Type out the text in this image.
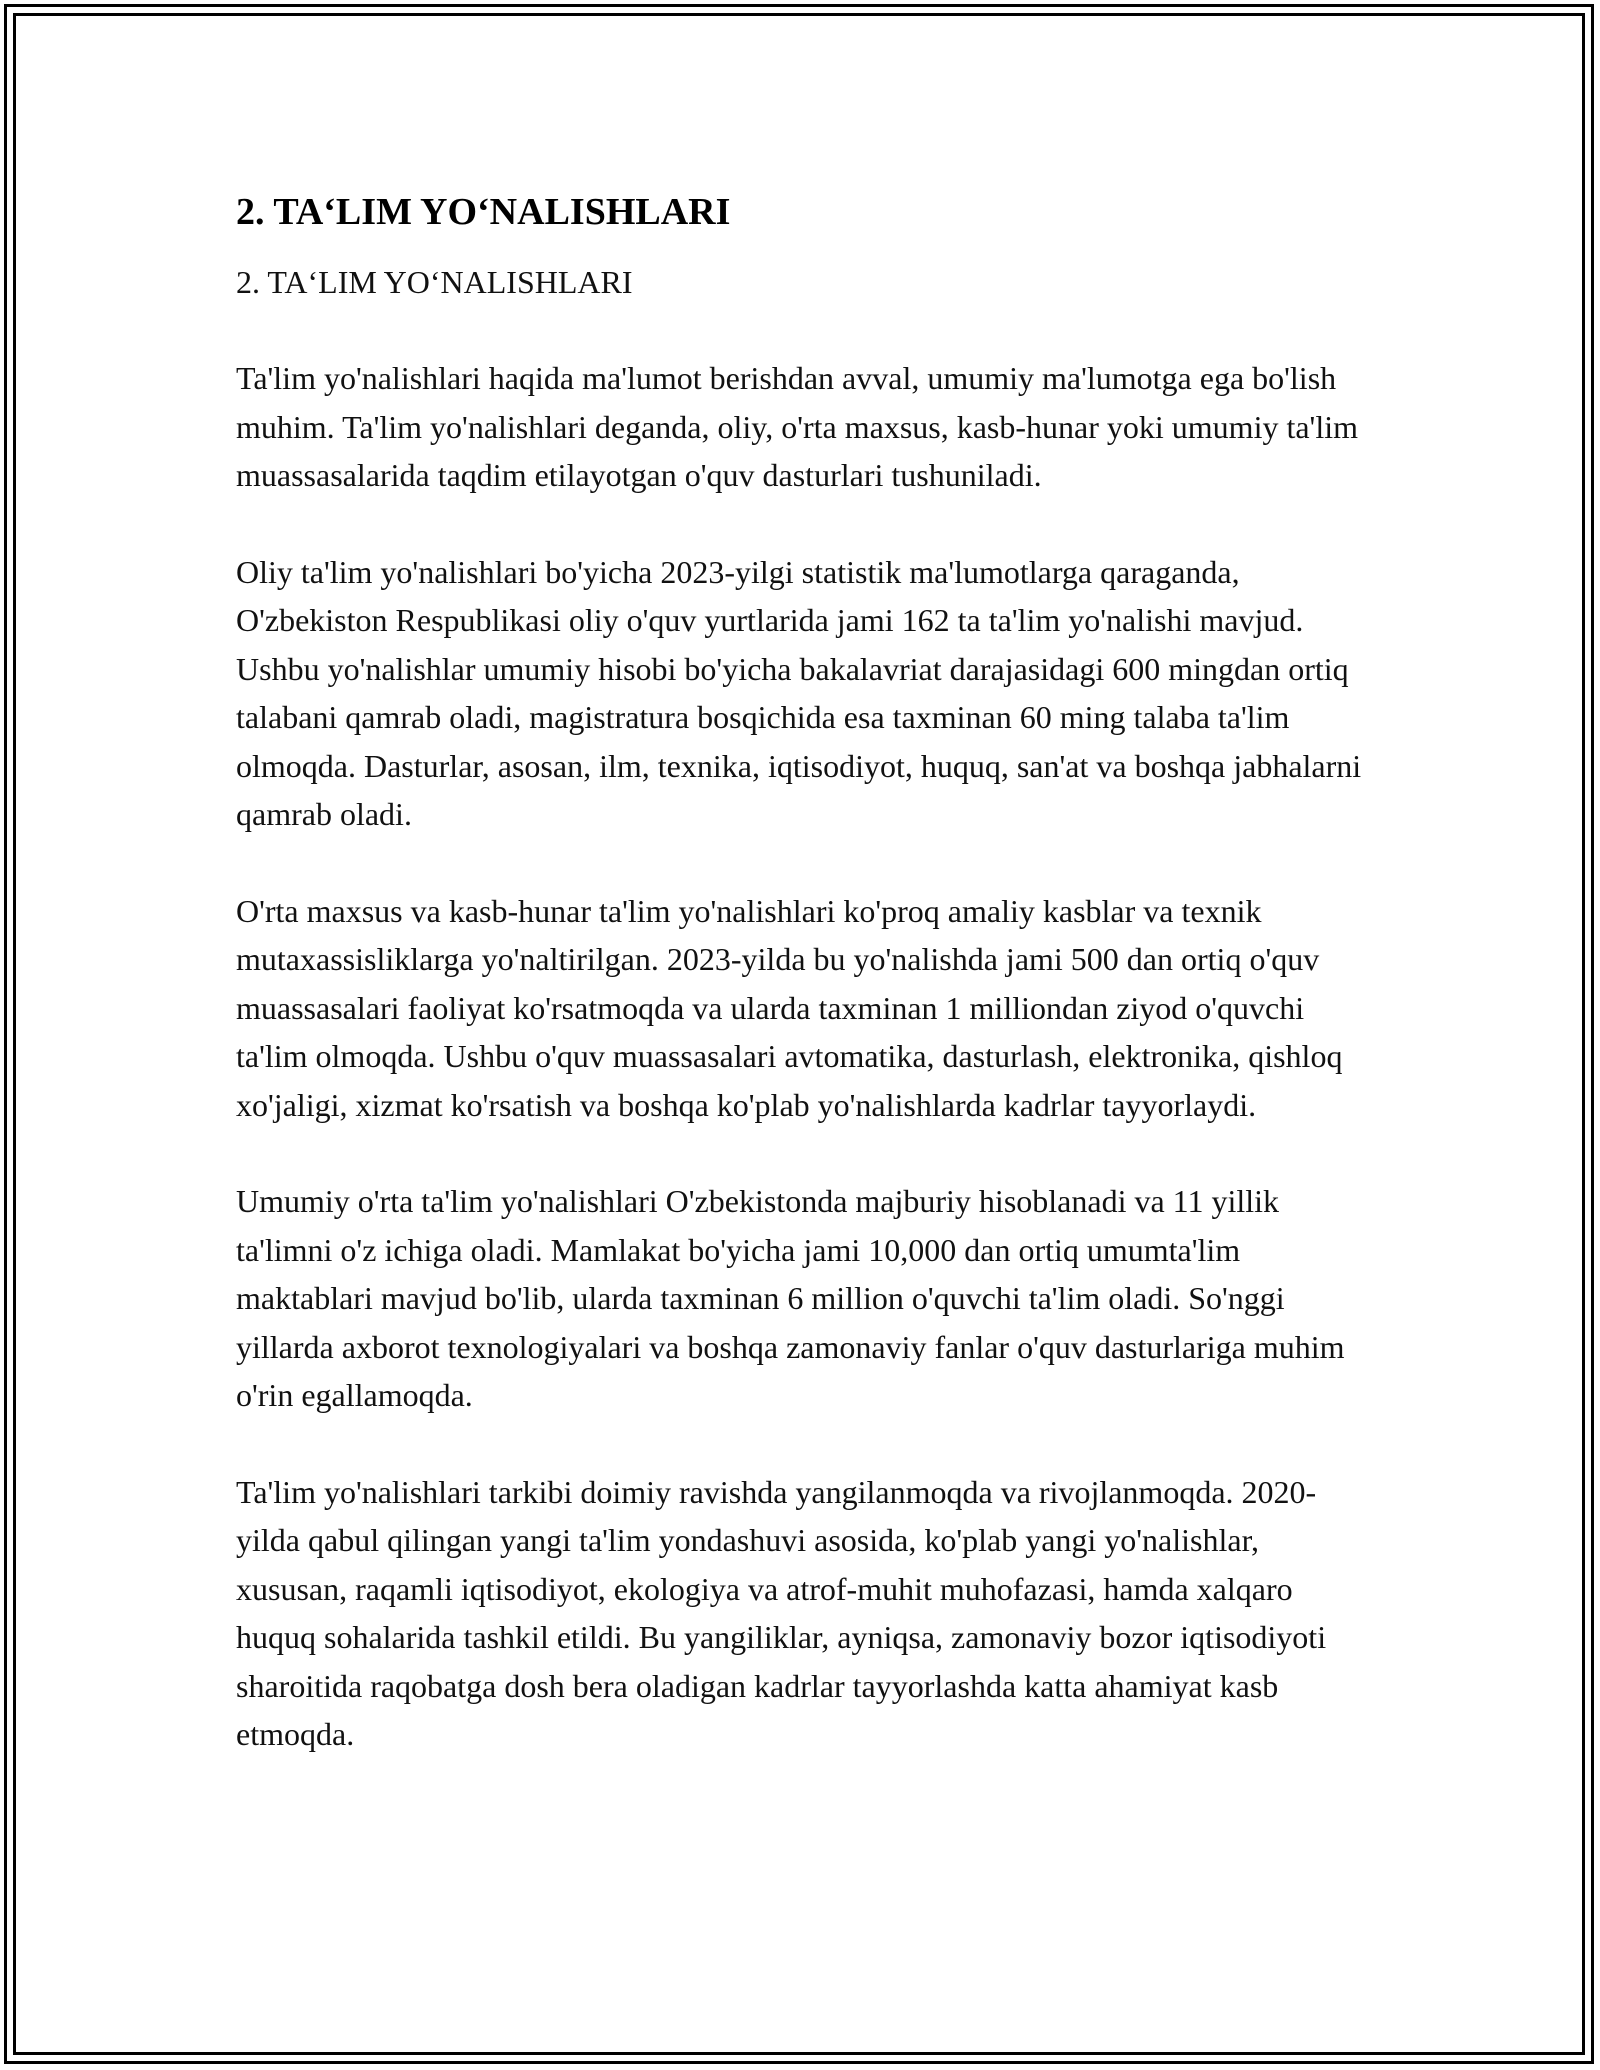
2. TA‘LIM YO‘NALISHLARI

2. TA‘LIM YO‘NALISHLARI

Ta'lim yo'nalishlari haqida ma'lumot berishdan avval, umumiy ma'lumotga ega bo'lish muhim. Ta'lim yo'nalishlari deganda, oliy, o'rta maxsus, kasb-hunar yoki umumiy ta'lim muassasalarida taqdim etilayotgan o'quv dasturlari tushuniladi.

Oliy ta'lim yo'nalishlari bo'yicha 2023-yilgi statistik ma'lumotlarga qaraganda, O'zbekiston Respublikasi oliy o'quv yurtlarida jami 162 ta ta'lim yo'nalishi mavjud. Ushbu yo'nalishlar umumiy hisobi bo'yicha bakalavriat darajasidagi 600 mingdan ortiq talabani qamrab oladi, magistratura bosqichida esa taxminan 60 ming talaba ta'lim olmoqda. Dasturlar, asosan, ilm, texnika, iqtisodiyot, huquq, san'at va boshqa jabhalarni qamrab oladi.

O'rta maxsus va kasb-hunar ta'lim yo'nalishlari ko'proq amaliy kasblar va texnik mutaxassisliklarga yo'naltirilgan. 2023-yilda bu yo'nalishda jami 500 dan ortiq o'quv muassasalari faoliyat ko'rsatmoqda va ularda taxminan 1 milliondan ziyod o'quvchi ta'lim olmoqda. Ushbu o'quv muassasalari avtomatika, dasturlash, elektronika, qishloq xo'jaligi, xizmat ko'rsatish va boshqa ko'plab yo'nalishlarda kadrlar tayyorlaydi.

Umumiy o'rta ta'lim yo'nalishlari O'zbekistonda majburiy hisoblanadi va 11 yillik ta'limni o'z ichiga oladi. Mamlakat bo'yicha jami 10,000 dan ortiq umumta'lim maktablari mavjud bo'lib, ularda taxminan 6 million o'quvchi ta'lim oladi. So'nggi yillarda axborot texnologiyalari va boshqa zamonaviy fanlar o'quv dasturlariga muhim o'rin egallamoqda.

Ta'lim yo'nalishlari tarkibi doimiy ravishda yangilanmoqda va rivojlanmoqda. 2020-yilda qabul qilingan yangi ta'lim yondashuvi asosida, ko'plab yangi yo'nalishlar, xususan, raqamli iqtisodiyot, ekologiya va atrof-muhit muhofazasi, hamda xalqaro huquq sohalarida tashkil etildi. Bu yangiliklar, ayniqsa, zamonaviy bozor iqtisodiyoti sharoitida raqobatga dosh bera oladigan kadrlar tayyorlashda katta ahamiyat kasb etmoqda.
